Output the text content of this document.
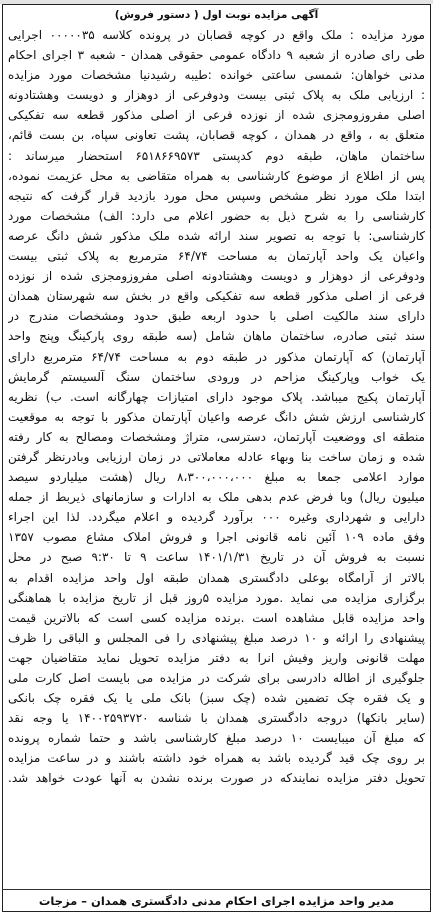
آگهی مزایده نوبت اول ( دستور فروش)
مورد مزایده : ملک واقع در کوچه قصابان در پرونده کلاسه ۰۰۰۰۰۳۵ اجرایی
طی رای صادره از شعبه ۹ دادگاه عمومی حقوقی همدان - شعبه ۳ اجرای احکام
مدنی خواهان: شمسی ساعتی خوانده :طیبه رشیدنیا مشخصات مورد مزایده
: ارزیابی ملک به پلاک ثبتی بیست ودوفرعی از دوهزار و دویست وهشتادونه
اصلی مفروزومجزی شده از نوزده فرعی از اصلی مذکور قطعه سه تفکیکی
متعلق به ، واقع در همدان ، کوچه قصابان، پشت تعاونی سپاه، بن بست قائم،
ساختمان ماهان، طبقه دوم کدپستی ۶۵۱۸۶۶۹۵۷۳ استحضار میرساند :
پس از اطلاع از موضوع کارشناسی به همراه متقاضی به محل عزیمت نموده،
ابتدا ملک مورد نظر مشخص وسپس محل مورد بازدید قرار گرفت که نتیجه
کارشناسی را به شرح ذیل به حضور اعلام می دارد: الف) مشخصات مورد
کارشناسی: با توجه به تصویر سند ارائه شده ملک مذکور شش دانگ عرصه
واعیان یک واحد آپارتمان به مساحت ۶۴/۷۴ مترمربع به پلاک ثبتی بیست
ودوفرعی از دوهزار و دویست وهشتادونه اصلی مفروزومجزی شده از نوزده
فرعی از اصلی مذکور قطعه سه تفکیکی واقع در بخش سه شهرستان همدان
دارای سند مالکیت اصلی با حدود اربعه طبق حدود ومشخصات مندرج در
سند ثبتی صادره، ساختمان ماهان شامل (سه طبقه روی پارکینگ وپنج واحد
آپارتمان) که آپارتمان مذکور در طبقه دوم به مساحت ۶۴/۷۴ مترمربع دارای
یک خواب وپارکینگ مزاحم در ورودی ساختمان سنگ آلسیستم گرمایش
آپارتمان پکیج میباشد. پلاک موجود دارای امتیازات چهارگانه است. ب) نظریه
کارشناسی ارزش شش دانگ عرصه واعیان آپارتمان مذکور با توجه به موقعیت
منطقه ای ووضعیت آپارتمان، دسترسی، متراژ ومشخصات ومصالح به کار رفته
شده و زمان ساخت بنا وبهاء عادله معاملاتی در زمان ارزیابی وبادرنظر گرفتن
موارد اعلامی جمعا به مبلغ ۸،۳۰۰،۰۰۰،۰۰۰ ریال (هشت میلیاردو سیصد
میلیون ریال) وبا فرض عدم بدهی ملک به ادارات و سازمانهای ذیربط از جمله
دارایی و شهرداری وغیره ۰۰۰ برآورد گردیده و اعلام میگردد. لذا این اجراء
وفق ماده ۱۰۹ آئین نامه قانونی اجرا و فروش املاک مشاع مصوب ۱۳۵۷
نسبت به فروش آن در تاریخ ۱۴۰۱/۱/۳۱ ساعت ۹ تا ۹:۳۰ صبح در محل
بالاتر از آرامگاه بوعلی دادگستری همدان طبقه اول واحد مزایده اقدام به
برگزاری مزایده می نماید .مورد مزایده ۵روز قبل از تاریخ مزایده با هماهنگی
واحد مزایده قابل مشاهده است .برنده مزایده کسی است که بالاترین قیمت
پیشنهادی را ارائه و ۱۰ درصد مبلغ پیشنهادی را فی المجلس و الباقی را ظرف
مهلت قانونی واریز وفیش انرا به دفتر مزایده تحویل نماید متقاضیان جهت
جلوگیری از اطاله دادرسی برای شرکت در مزایده می بایست اصل کارت ملی
و یک فقره چک تضمین شده (چک سبز) بانک ملی یا یک فقره چک بانکی
(سایر بانکها) دروجه دادگستری همدان با شناسه ۱۴۰۰۲۵۹۳۷۲۰ یا وجه نقد
که مبلغ آن میبایست ۱۰ درصد مبلغ کارشناسی باشد و حتما شماره پرونده
بر روی چک قید گردیده باشد به همراه خود داشته باشند و در ساعت مزایده
تحویل دفتر مزایده نمایندکه در صورت برنده نشدن به آنها عودت خواهد شد.
مدیر واحد مزایده اجرای احکام مدنی دادگستری همدان – مزجات
